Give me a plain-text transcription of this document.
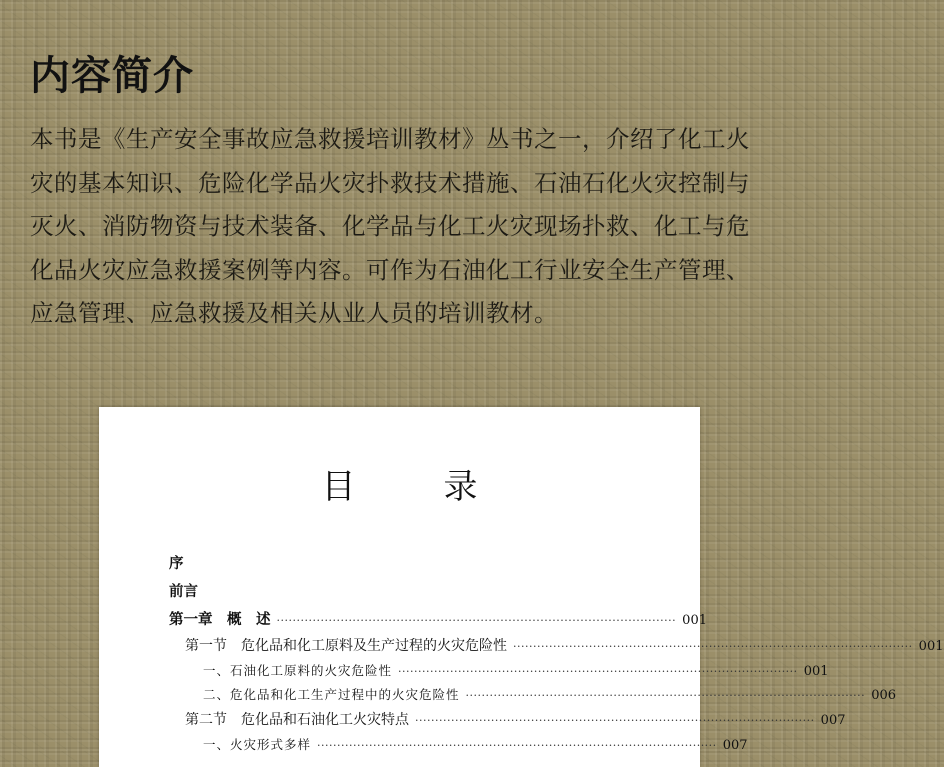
内容简介

本书是《生产安全事故应急救援培训教材》丛书之一，介绍了化工火灾的基本知识、危险化学品火灾扑救技术措施、石油石化火灾控制与灭火、消防物资与技术装备、化学品与化工火灾现场扑救、化工与危化品火灾应急救援案例等内容。可作为石油化工行业安全生产管理、应急管理、应急救援及相关从业人员的培训教材。

目	录
序
前言
第一章　概　述 ···································································································· 001
第一节　危化品和化工原料及生产过程的火灾危险性 ···································································································· 001
一、石油化工原料的火灾危险性 ···································································································· 001
二、危化品和化工生产过程中的火灾危险性 ···································································································· 006
第二节　危化品和石油化工火灾特点 ···································································································· 007
一、火灾形式多样 ···································································································· 007
